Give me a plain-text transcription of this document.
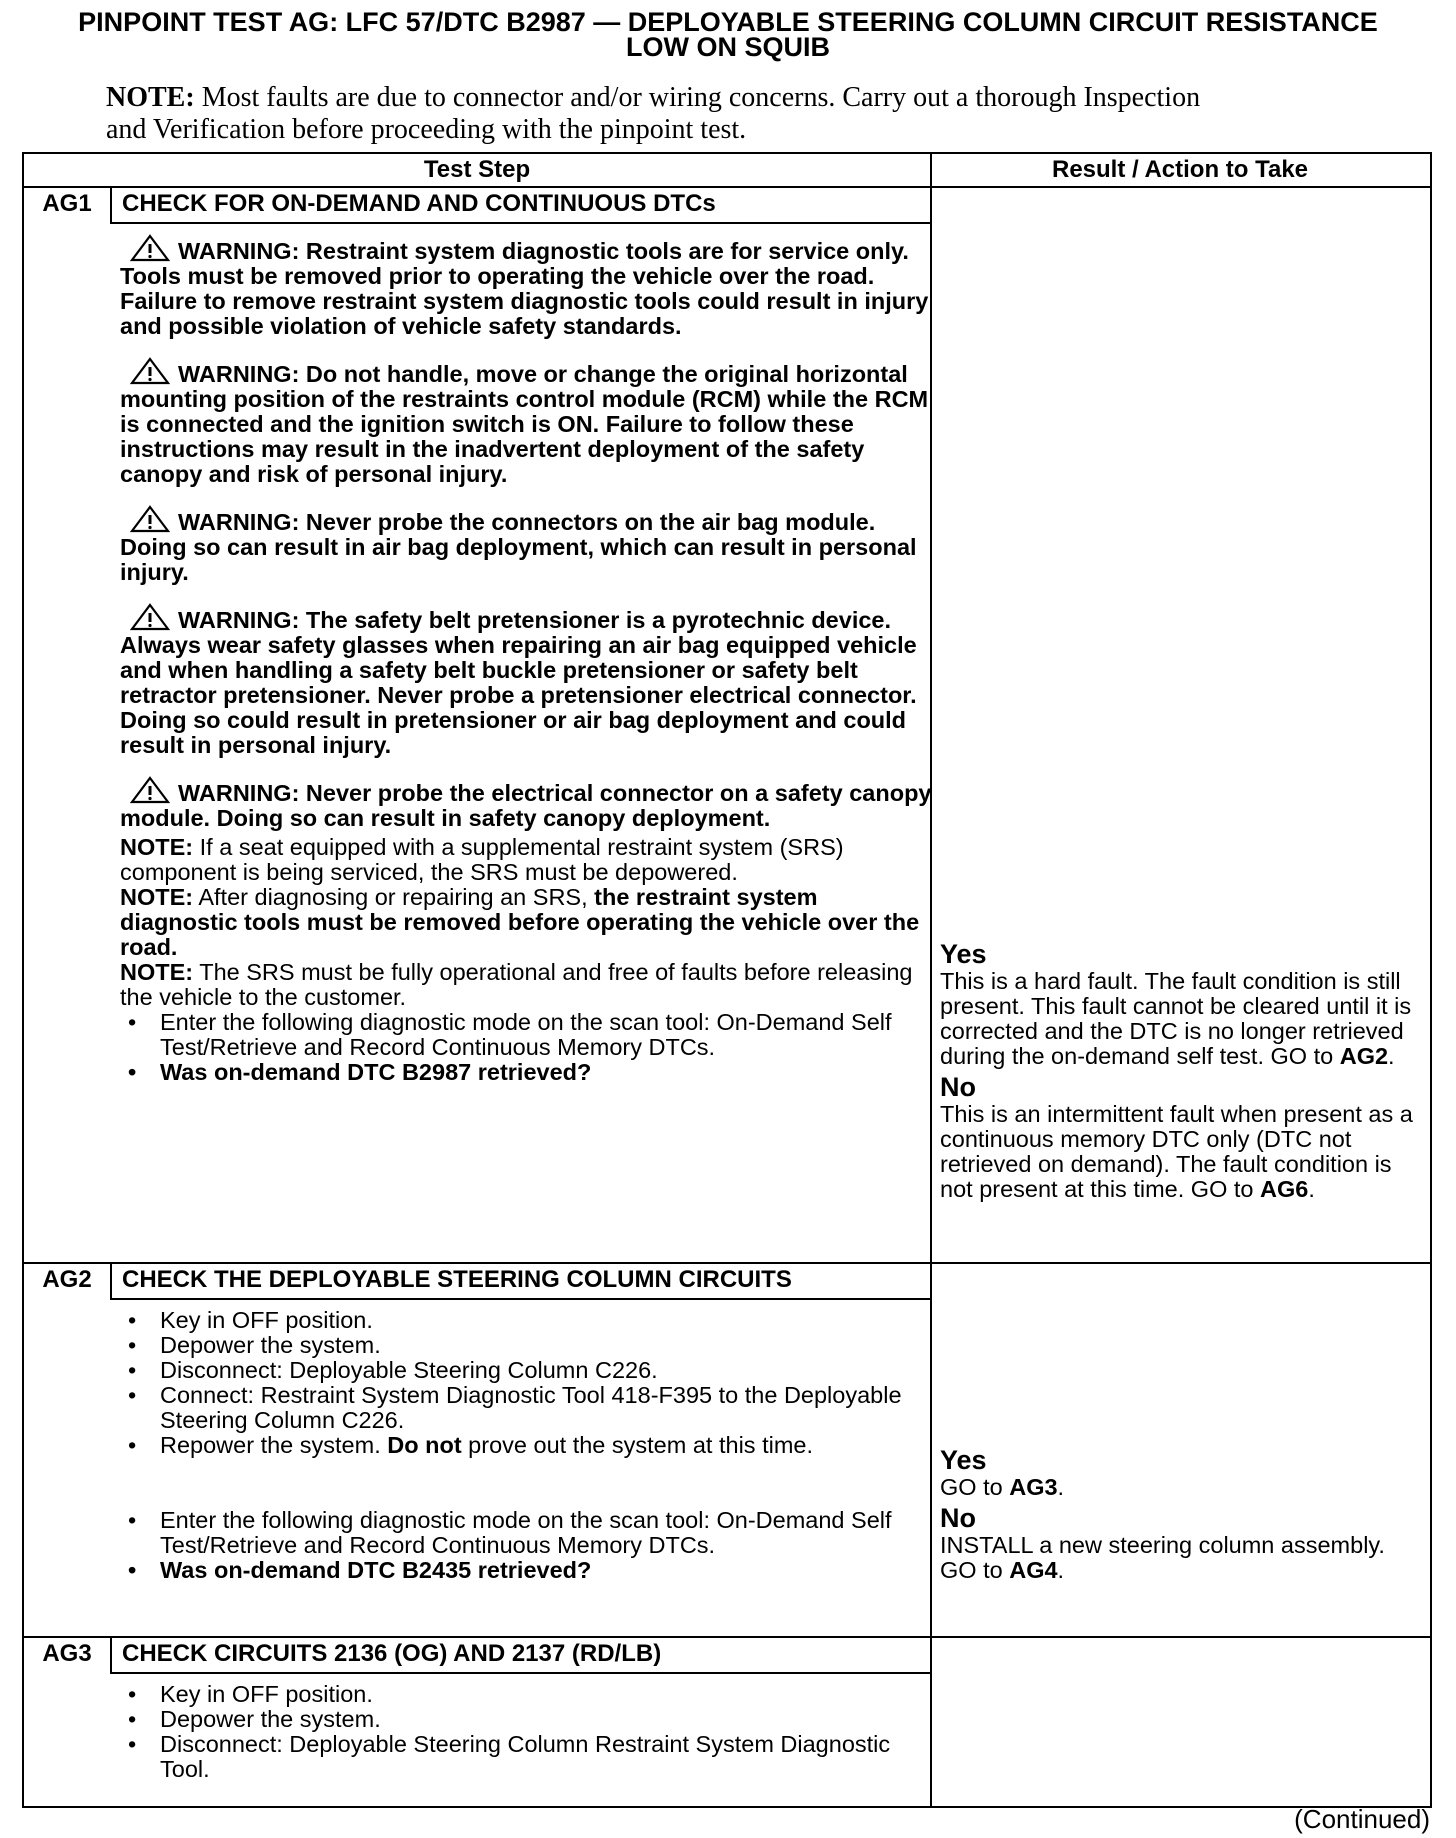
PINPOINT TEST AG: LFC 57/DTC B2987 — DEPLOYABLE STEERING COLUMN CIRCUIT RESISTANCE
LOW ON SQUIB
NOTE: Most faults are due to connector and/or wiring concerns. Carry out a thorough Inspection and Verification before proceeding with the pinpoint test.
Test Step	Result / Action to Take
AG1	CHECK FOR ON-DEMAND AND CONTINUOUS DTCs

WARNING: Restraint system diagnostic tools are for service only. Tools must be removed prior to operating the vehicle over the road. Failure to remove restraint system diagnostic tools could result in injury and possible violation of vehicle safety standards.

WARNING: Do not handle, move or change the original horizontal mounting position of the restraints control module (RCM) while the RCM is connected and the ignition switch is ON. Failure to follow these instructions may result in the inadvertent deployment of the safety canopy and risk of personal injury.

WARNING: Never probe the connectors on the air bag module. Doing so can result in air bag deployment, which can result in personal injury.

WARNING: The safety belt pretensioner is a pyrotechnic device. Always wear safety glasses when repairing an air bag equipped vehicle and when handling a safety belt buckle pretensioner or safety belt retractor pretensioner. Never probe a pretensioner electrical connector. Doing so could result in pretensioner or air bag deployment and could result in personal injury.

WARNING: Never probe the electrical connector on a safety canopy module. Doing so can result in safety canopy deployment.

NOTE: If a seat equipped with a supplemental restraint system (SRS) component is being serviced, the SRS must be depowered.

NOTE: After diagnosing or repairing an SRS, the restraint system diagnostic tools must be removed before operating the vehicle over the road.

NOTE: The SRS must be fully operational and free of faults before releasing the vehicle to the customer.

• Enter the following diagnostic mode on the scan tool: On-Demand Self Test/Retrieve and Record Continuous Memory DTCs.
• Was on-demand DTC B2987 retrieved?
Yes
This is a hard fault. The fault condition is still present. This fault cannot be cleared until it is corrected and the DTC is no longer retrieved during the on-demand self test. GO to AG2.
No
This is an intermittent fault when present as a continuous memory DTC only (DTC not retrieved on demand). The fault condition is not present at this time. GO to AG6.
AG2	CHECK THE DEPLOYABLE STEERING COLUMN CIRCUITS
• Key in OFF position.
• Depower the system.
• Disconnect: Deployable Steering Column C226.
• Connect: Restraint System Diagnostic Tool 418-F395 to the Deployable Steering Column C226.
• Repower the system. Do not prove out the system at this time.
• Enter the following diagnostic mode on the scan tool: On-Demand Self Test/Retrieve and Record Continuous Memory DTCs.
• Was on-demand DTC B2435 retrieved?
Yes
GO to AG3.
No
INSTALL a new steering column assembly. GO to AG4.
AG3	CHECK CIRCUITS 2136 (OG) AND 2137 (RD/LB)
• Key in OFF position.
• Depower the system.
• Disconnect: Deployable Steering Column Restraint System Diagnostic Tool.
(Continued)
